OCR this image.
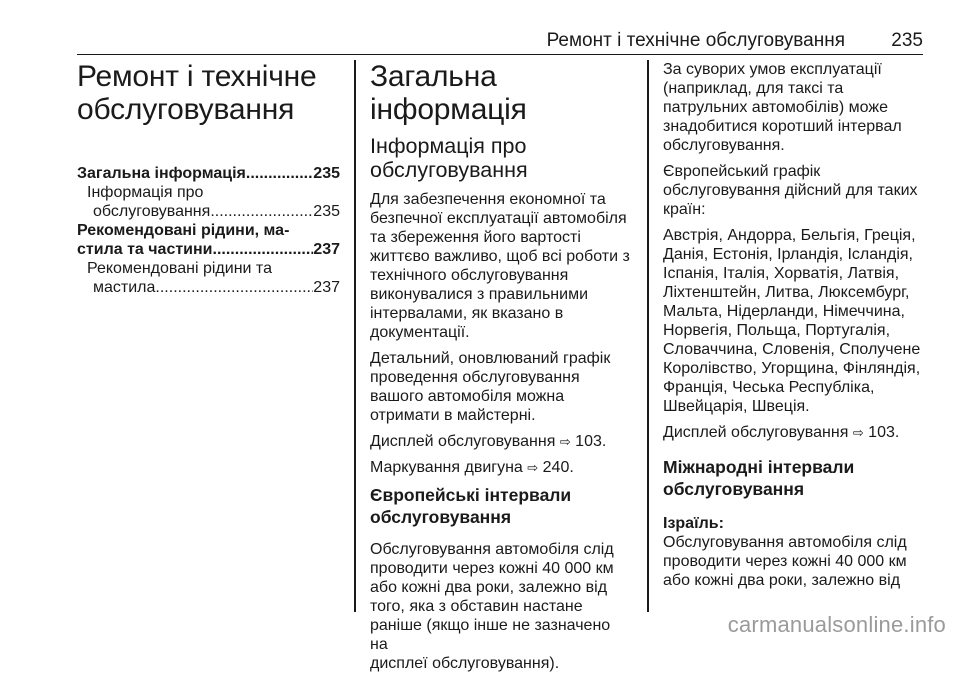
Ремонт і технічне обслуговування 235
Ремонт і технічне
обслуговування
Загальна інформація .....	235
Інформація про
обслуговування .....	235
Рекомендовані рідини, ма-
стила та частини .....	237
Рекомендовані рідини та
мастила .....	237
Загальна інформація
Інформація про
обслуговування

Для забезпечення економної та
безпечної експлуатації автомобіля
та збереження його вартості
життєво важливо, щоб всі роботи з
технічного обслуговування
виконувалися з правильними
інтервалами, як вказано в
документації.

Детальний, оновлюваний графік
проведення обслуговування
вашого автомобіля можна
отримати в майстерні.

Дисплей обслуговування ⇨ 103.

Маркування двигуна ⇨ 240.

Європейські інтервали
обслуговування

Обслуговування автомобіля слід
проводити через кожні 40 000 км
або кожні два роки, залежно від
того, яка з обставин настане
раніше (якщо інше не зазначено на
дисплеї обслуговування).

За суворих умов експлуатації
(наприклад, для таксі та
патрульних автомобілів) може
знадобитися коротший інтервал
обслуговування.

Європейський графік
обслуговування дійсний для таких
країн:

Австрія, Андорра, Бельгія, Греція,
Данія, Естонія, Ірландія, Ісландія,
Іспанія, Італія, Хорватія, Латвія,
Ліхтенштейн, Литва, Люксембург,
Мальта, Нідерланди, Німеччина,
Норвегія, Польща, Португалія,
Словаччина, Словенія, Сполучене
Королівство, Угорщина, Фінляндія,
Франція, Чеська Республіка,
Швейцарія, Швеція.

Дисплей обслуговування ⇨ 103.

Міжнародні інтервали
обслуговування
Ізраїль:

Обслуговування автомобіля слід
проводити через кожні 40 000 км
або кожні два роки, залежно від

carmanualsonline.info
